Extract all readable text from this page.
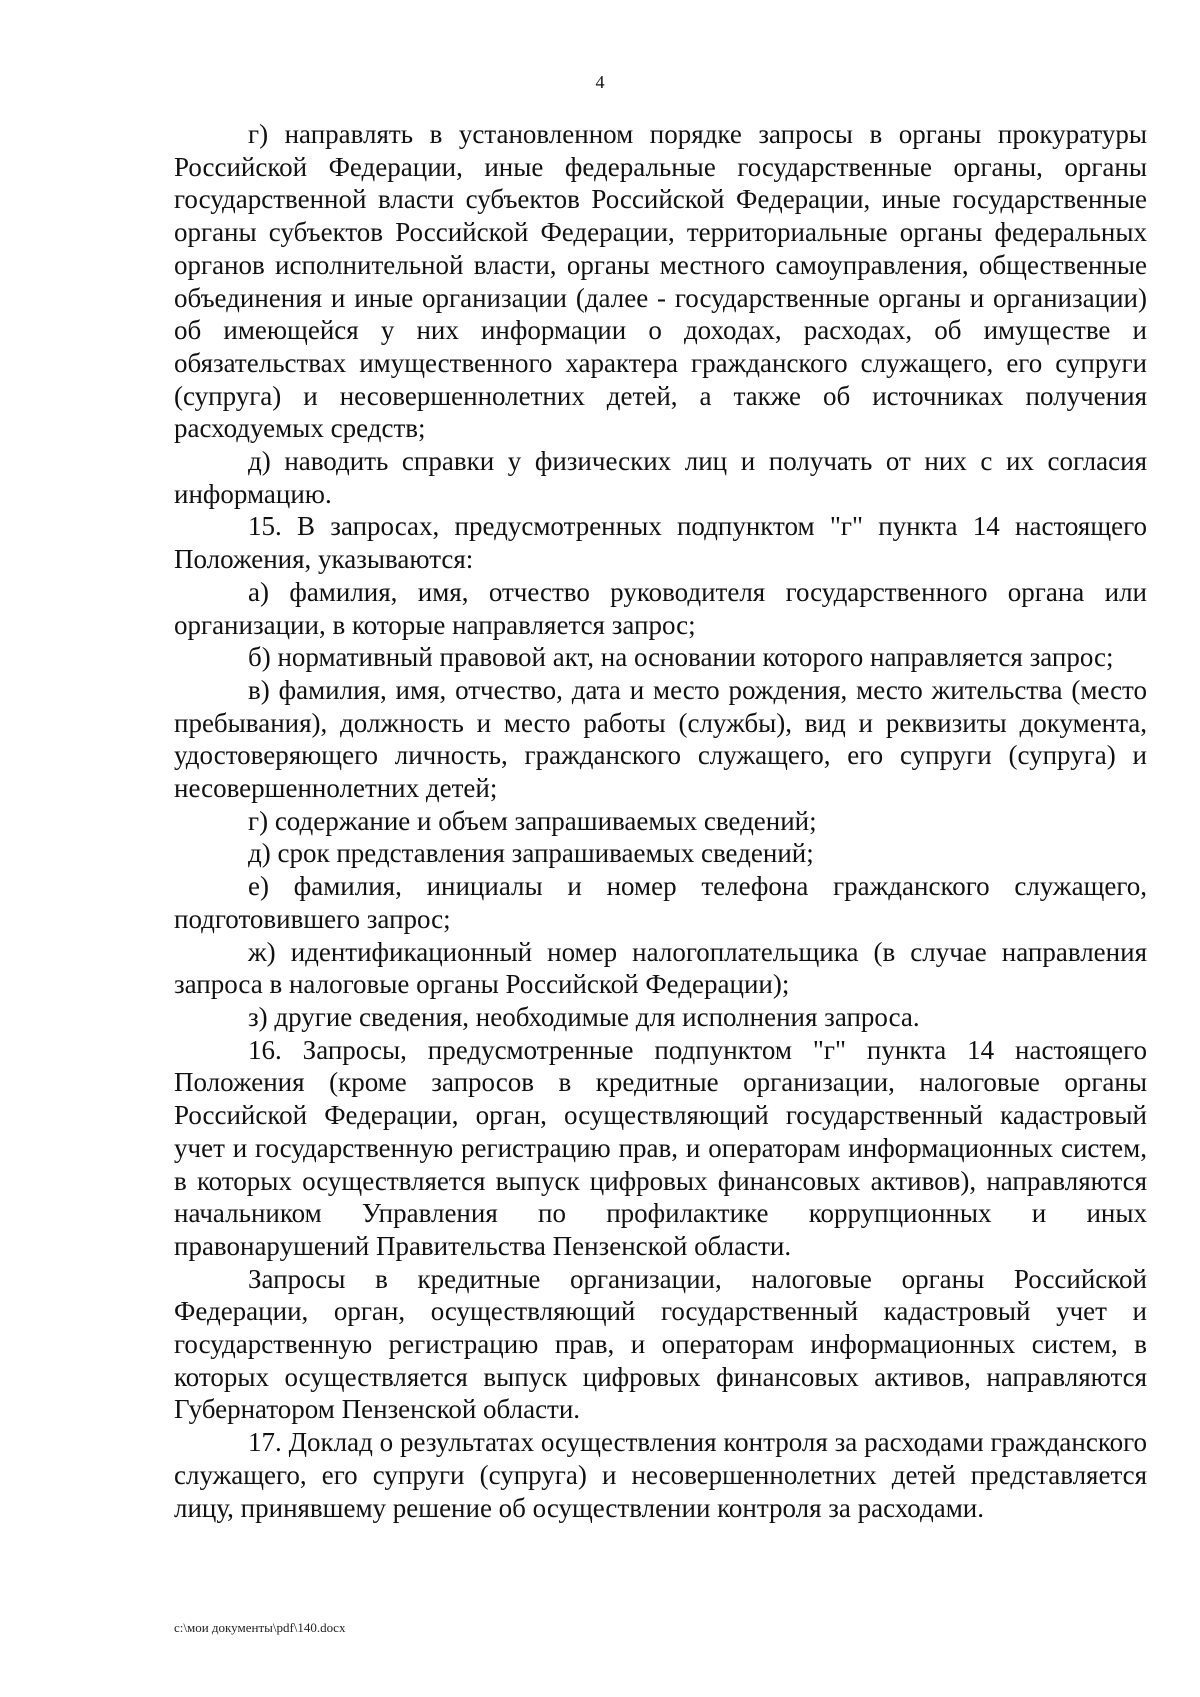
4

г) направлять в установленном порядке запросы в органы прокуратуры Российской Федерации, иные федеральные государственные органы, органы государственной власти субъектов Российской Федерации, иные государственные органы субъектов Российской Федерации, территориальные органы федеральных органов исполнительной власти, органы местного самоуправления, общественные объединения и иные организации (далее - государственные органы и организации) об имеющейся у них информации о доходах, расходах, об имуществе и обязательствах имущественного характера гражданского служащего, его супруги (супруга) и несовершеннолетних детей, а также об источниках получения расходуемых средств;

д) наводить справки у физических лиц и получать от них с их согласия информацию.

15. В запросах, предусмотренных подпунктом "г" пункта 14 настоящего Положения, указываются:

а) фамилия, имя, отчество руководителя государственного органа или организации, в которые направляется запрос;

б) нормативный правовой акт, на основании которого направляется запрос;

в) фамилия, имя, отчество, дата и место рождения, место жительства (место пребывания), должность и место работы (службы), вид и реквизиты документа, удостоверяющего личность, гражданского служащего, его супруги (супруга) и несовершеннолетних детей;

г) содержание и объем запрашиваемых сведений;

д) срок представления запрашиваемых сведений;

е) фамилия, инициалы и номер телефона гражданского служащего, подготовившего запрос;

ж) идентификационный номер налогоплательщика (в случае направления запроса в налоговые органы Российской Федерации);

з) другие сведения, необходимые для исполнения запроса.

16. Запросы, предусмотренные подпунктом "г" пункта 14 настоящего Положения (кроме запросов в кредитные организации, налоговые органы Российской Федерации, орган, осуществляющий государственный кадастровый учет и государственную регистрацию прав, и операторам информационных систем, в которых осуществляется выпуск цифровых финансовых активов), направляются начальником Управления по профилактике коррупционных и иных правонарушений Правительства Пензенской области.

Запросы в кредитные организации, налоговые органы Российской Федерации, орган, осуществляющий государственный кадастровый учет и государственную регистрацию прав, и операторам информационных систем, в которых осуществляется выпуск цифровых финансовых активов, направляются Губернатором Пензенской области.

17. Доклад о результатах осуществления контроля за расходами гражданского служащего, его супруги (супруга) и несовершеннолетних детей представляется лицу, принявшему решение об осуществлении контроля за расходами.

c:\мои документы\pdf\140.docx
